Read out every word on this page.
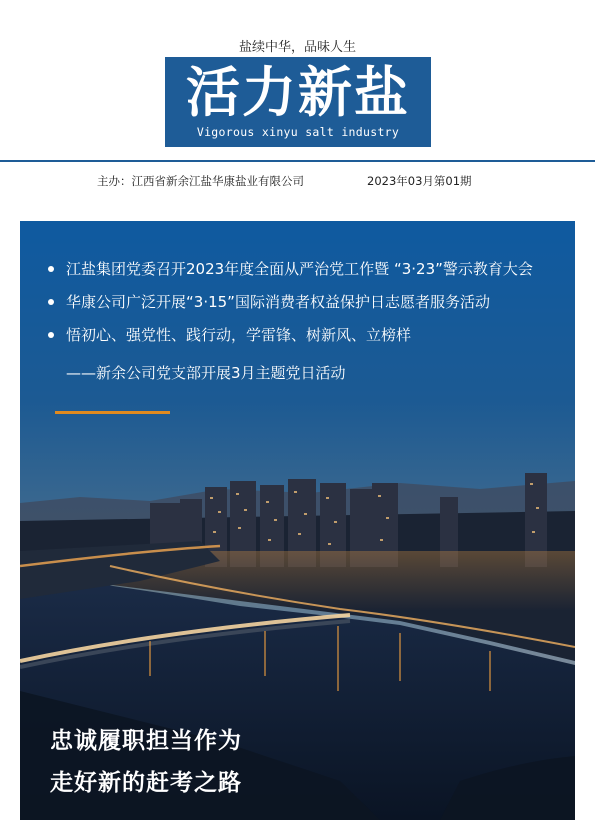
盐续中华，品味人生
活力新盐
Vigorous xinyu salt industry
主办：江西省新余江盐华康盐业有限公司	2023年03月第01期
江盐集团党委召开2023年度全面从严治党工作暨 “3·23”警示教育大会
华康公司广泛开展“3·15”国际消费者权益保护日志愿者服务活动
悟初心、强党性、践行动，学雷锋、树新风、立榜样
——新余公司党支部开展3月主题党日活动
忠诚履职担当作为
走好新的赶考之路
